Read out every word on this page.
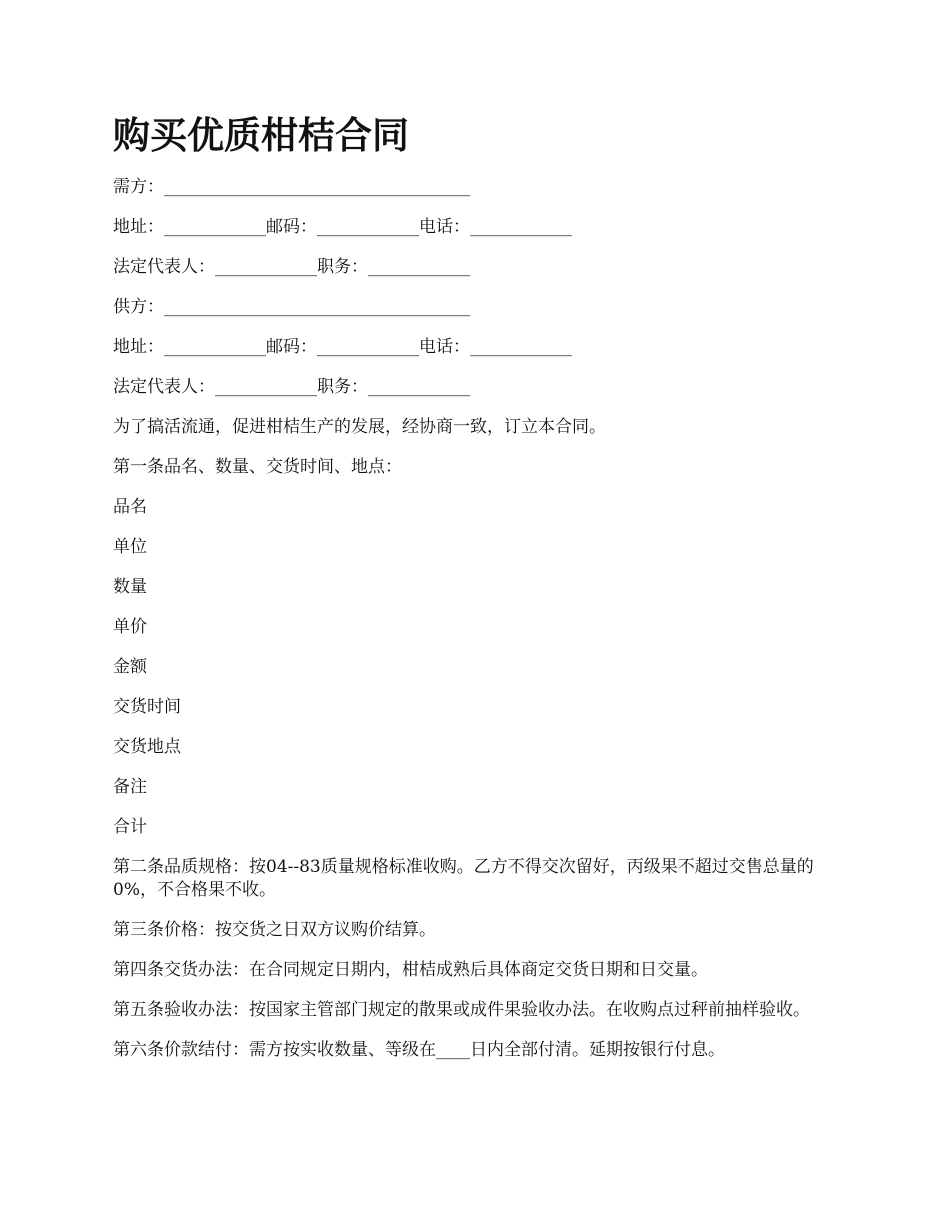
购买优质柑桔合同

需方：____________________________________

地址：____________邮码：____________电话：____________

法定代表人：____________职务：____________

供方：____________________________________

地址：____________邮码：____________电话：____________

法定代表人：____________职务：____________

为了搞活流通，促进柑桔生产的发展，经协商一致，订立本合同。

第一条品名、数量、交货时间、地点：

品名

单位

数量

单价

金额

交货时间

交货地点

备注

合计

第二条品质规格：按04--83质量规格标准收购。乙方不得交次留好，丙级果不超过交售总量的0%，不合格果不收。

第三条价格：按交货之日双方议购价结算。

第四条交货办法：在合同规定日期内，柑桔成熟后具体商定交货日期和日交量。

第五条验收办法：按国家主管部门规定的散果或成件果验收办法。在收购点过秤前抽样验收。

第六条价款结付：需方按实收数量、等级在____日内全部付清。延期按银行付息。
